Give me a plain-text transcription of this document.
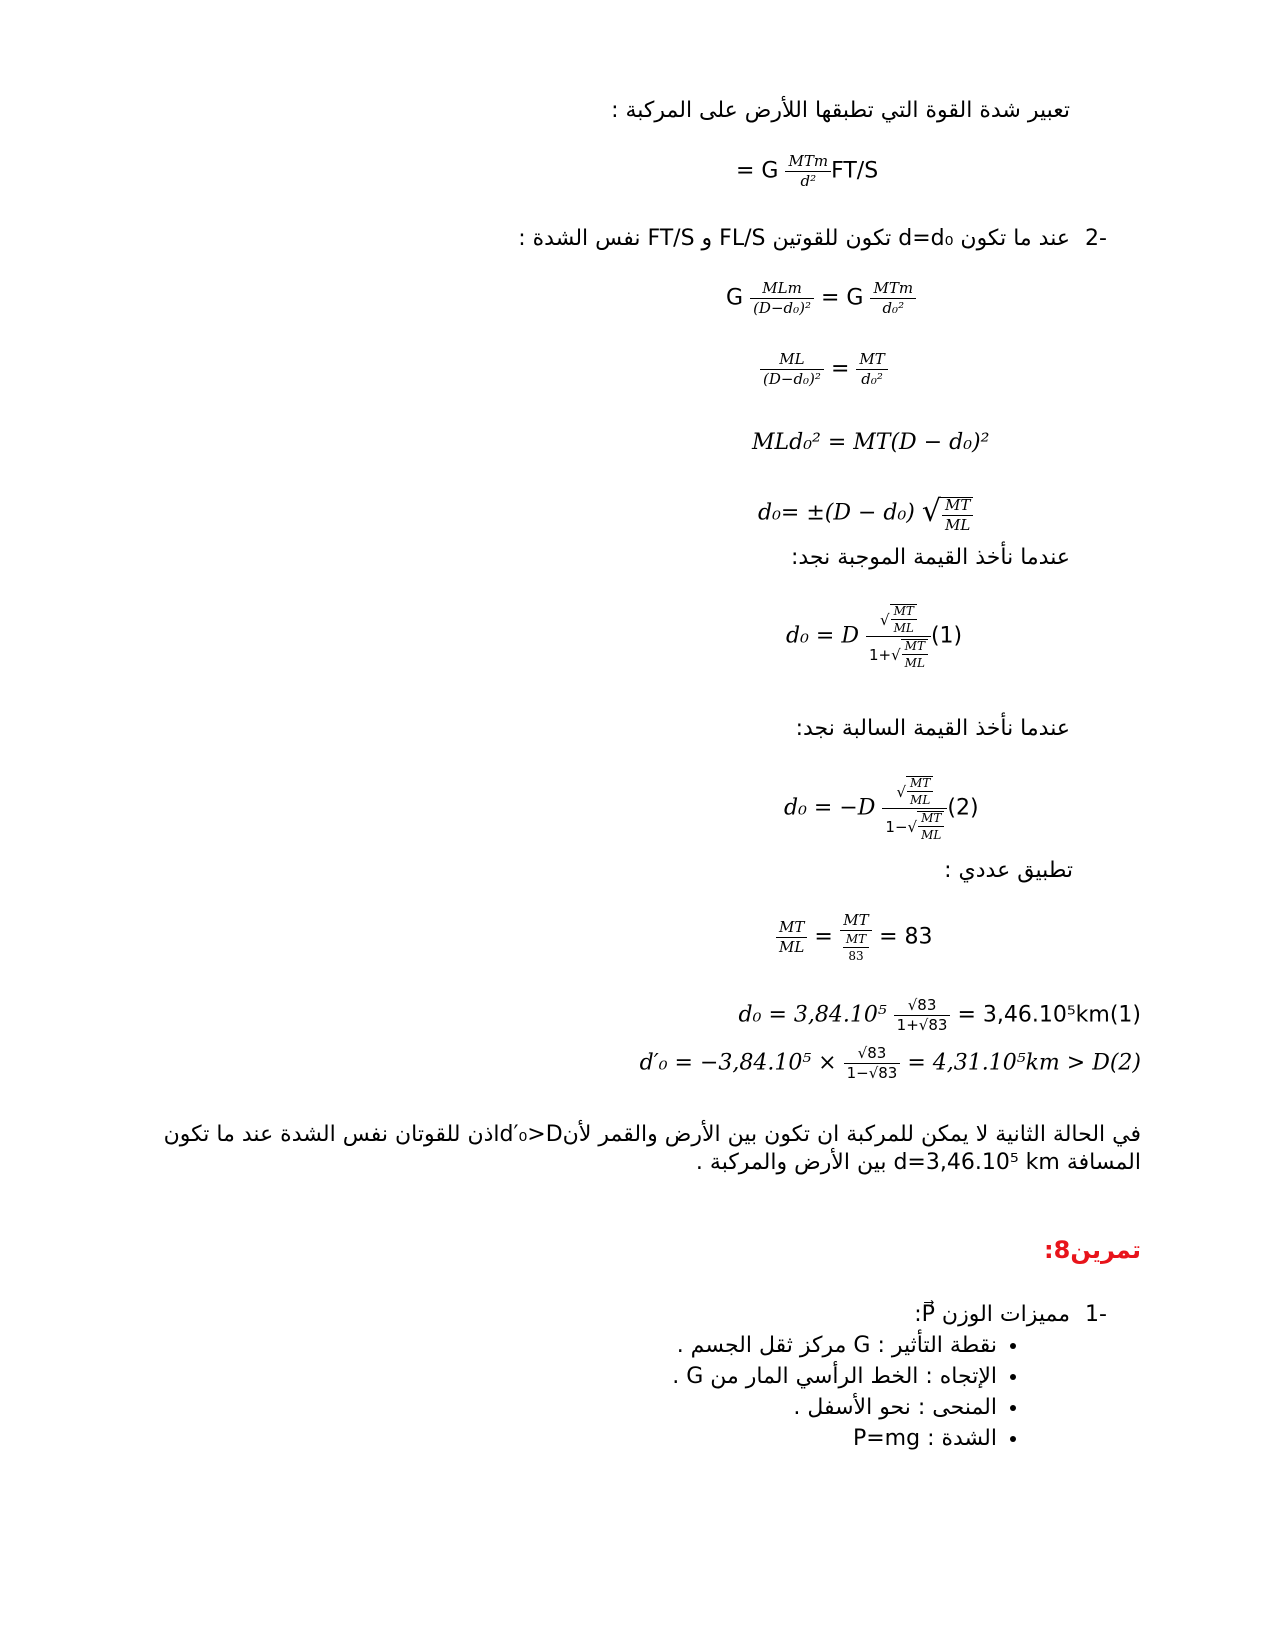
تعبير شدة القوة التي تطبقها اللأرض على المركبة :
= G $\frac{\text{MTm}}{\text{d²}} FT/S$
-2
عند ما تكون d=d₀ تكون للقوتين FL/S و FT/S نفس الشدة :
G $\frac{\text{MLm}}{\text{(D−d₀)²}} = G \frac{\text{MTm}}{\text{d₀²}}$
$\frac{ML}{\text{(D−d₀)²}} = \frac{MT}{\text{d₀²}}$
MLd₀² = MT(D − d₀)²
d₀= ±(D − d₀) √ $\frac{MT}{ML}$
عندما نأخذ القيمة الموجبة نجد:
d₀ = D $\frac{√ \frac{MT}{ML}}{1+√ \frac{MT}{ML}} (1)$
عندما نأخذ القيمة السالبة نجد:
$d_0 = -D \frac{√ \frac{MT}{ML}}{1-√ \frac{MT}{ML}} (2)$
تطبيق عددي :
$\frac{MT}{ML} = \frac{MT}{\frac{MT}{83}} = 83$
$d_0 = 3,84.10^5 \frac{√83}{1+√83} = 3,46.10^5km(1)$
$d'_0 = -3,84.10^5 \times \frac{√83}{1-√83} = 4,31.10^5km > D(2)$
في الحالة الثانية لا يمكن للمركبة ان تكون بين الأرض والقمر لأنd′₀>Dاذن للقوتان نفس الشدة عند ما تكون
المسافة d=3,46.10⁵ km بين الأرض والمركبة .
تمرين8:
-1
مميزات الوزن P⃗:
• نقطة التأثير : G مركز ثقل الجسم .
• الإتجاه : الخط الرأسي المار من G .
• المنحى : نحو الأسفل .
• الشدة : P=mg
